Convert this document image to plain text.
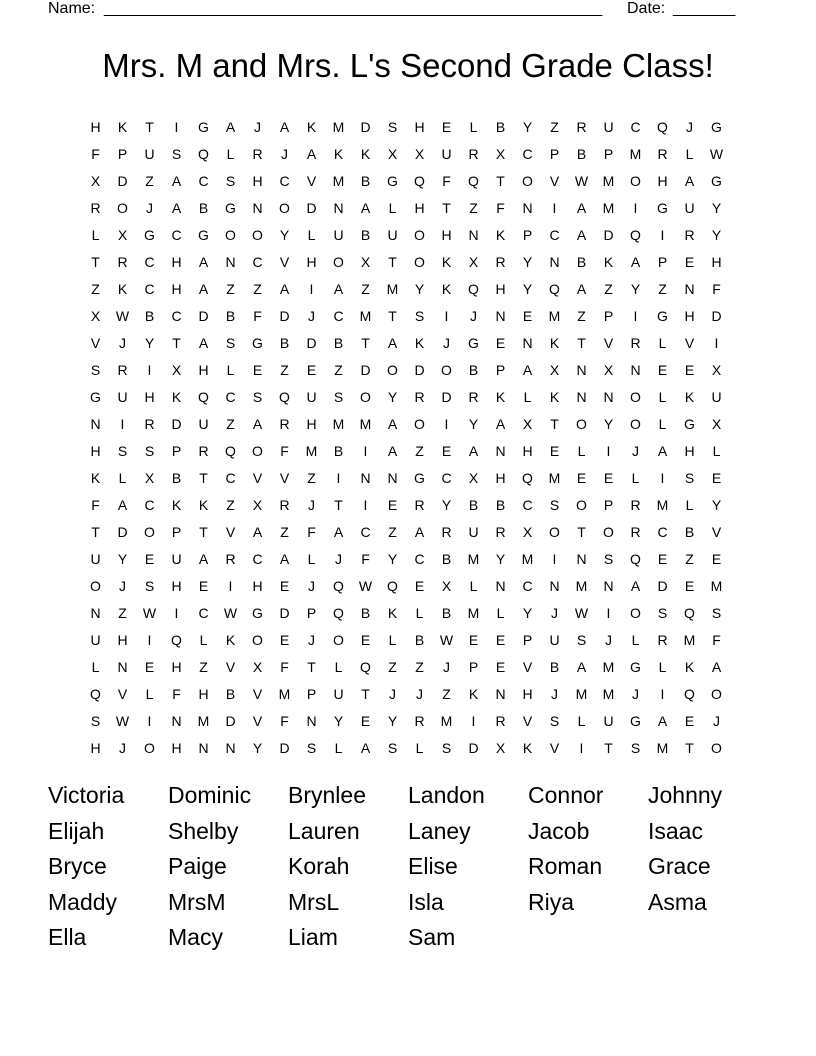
Name: ________________________________________________________ Date: _______
Mrs. M and Mrs. L's Second Grade Class!
H	K	T	I	G	A	J	A	K	M	D	S	H	E	L	B	Y	Z	R	U	C	Q	J	G
F	P	U	S	Q	L	R	J	A	K	K	X	X	U	R	X	C	P	B	P	M	R	L	W
X	D	Z	A	C	S	H	C	V	M	B	G	Q	F	Q	T	O	V	W	M	O	H	A	G
R	O	J	A	B	G	N	O	D	N	A	L	H	T	Z	F	N	I	A	M	I	G	U	Y
L	X	G	C	G	O	O	Y	L	U	B	U	O	H	N	K	P	C	A	D	Q	I	R	Y
T	R	C	H	A	N	C	V	H	O	X	T	O	K	X	R	Y	N	B	K	A	P	E	H
Z	K	C	H	A	Z	Z	A	I	A	Z	M	Y	K	Q	H	Y	Q	A	Z	Y	Z	N	F
X	W	B	C	D	B	F	D	J	C	M	T	S	I	J	N	E	M	Z	P	I	G	H	D
V	J	Y	T	A	S	G	B	D	B	T	A	K	J	G	E	N	K	T	V	R	L	V	I
S	R	I	X	H	L	E	Z	E	Z	D	O	D	O	B	P	A	X	N	X	N	E	E	X
G	U	H	K	Q	C	S	Q	U	S	O	Y	R	D	R	K	L	K	N	N	O	L	K	U
N	I	R	D	U	Z	A	R	H	M	M	A	O	I	Y	A	X	T	O	Y	O	L	G	X
H	S	S	P	R	Q	O	F	M	B	I	A	Z	E	A	N	H	E	L	I	J	A	H	L
K	L	X	B	T	C	V	V	Z	I	N	N	G	C	X	H	Q	M	E	E	L	I	S	E
F	A	C	K	K	Z	X	R	J	T	I	E	R	Y	B	B	C	S	O	P	R	M	L	Y
T	D	O	P	T	V	A	Z	F	A	C	Z	A	R	U	R	X	O	T	O	R	C	B	V
U	Y	E	U	A	R	C	A	L	J	F	Y	C	B	M	Y	M	I	N	S	Q	E	Z	E
O	J	S	H	E	I	H	E	J	Q	W	Q	E	X	L	N	C	N	M	N	A	D	E	M
N	Z	W	I	C	W	G	D	P	Q	B	K	L	B	M	L	Y	J	W	I	O	S	Q	S
U	H	I	Q	L	K	O	E	J	O	E	L	B	W	E	E	P	U	S	J	L	R	M	F
L	N	E	H	Z	V	X	F	T	L	Q	Z	Z	J	P	E	V	B	A	M	G	L	K	A
Q	V	L	F	H	B	V	M	P	U	T	J	J	Z	K	N	H	J	M	M	J	I	Q	O
S	W	I	N	M	D	V	F	N	Y	E	Y	R	M	I	R	V	S	L	U	G	A	E	J
H	J	O	H	N	N	Y	D	S	L	A	S	L	S	D	X	K	V	I	T	S	M	T	O
Victoria	Dominic	Brynlee	Landon	Connor	Johnny
Elijah	Shelby	Lauren	Laney	Jacob	Isaac
Bryce	Paige	Korah	Elise	Roman	Grace
Maddy	MrsM	MrsL	Isla	Riya	Asma
Ella	Macy	Liam	Sam
